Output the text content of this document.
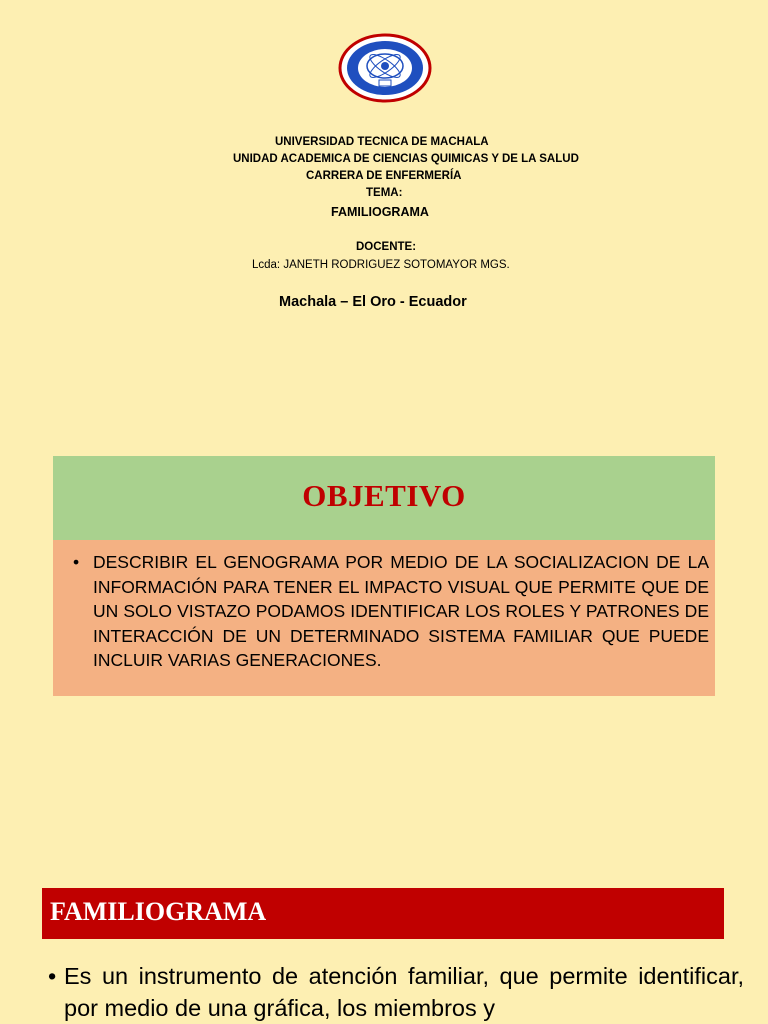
UNIVERSIDAD TECNICA DE MACHALA
UNIDAD ACADEMICA DE CIENCIAS QUIMICAS Y DE LA SALUD
CARRERA DE ENFERMERÍA
TEMA:
FAMILIOGRAMA
DOCENTE:
Lcda: JANETH RODRIGUEZ SOTOMAYOR MGS.
Machala – El Oro - Ecuador
OBJETIVO
• DESCRIBIR EL GENOGRAMA POR MEDIO DE LA SOCIALIZACION DE LA INFORMACIÓN PARA TENER EL IMPACTO VISUAL QUE PERMITE QUE DE UN SOLO VISTAZO PODAMOS IDENTIFICAR LOS ROLES Y PATRONES DE INTERACCIÓN DE UN DETERMINADO SISTEMA FAMILIAR QUE PUEDE INCLUIR VARIAS GENERACIONES.
FAMILIOGRAMA
• Es un instrumento de atención familiar, que permite identificar, por medio de una gráfica, los miembros y
